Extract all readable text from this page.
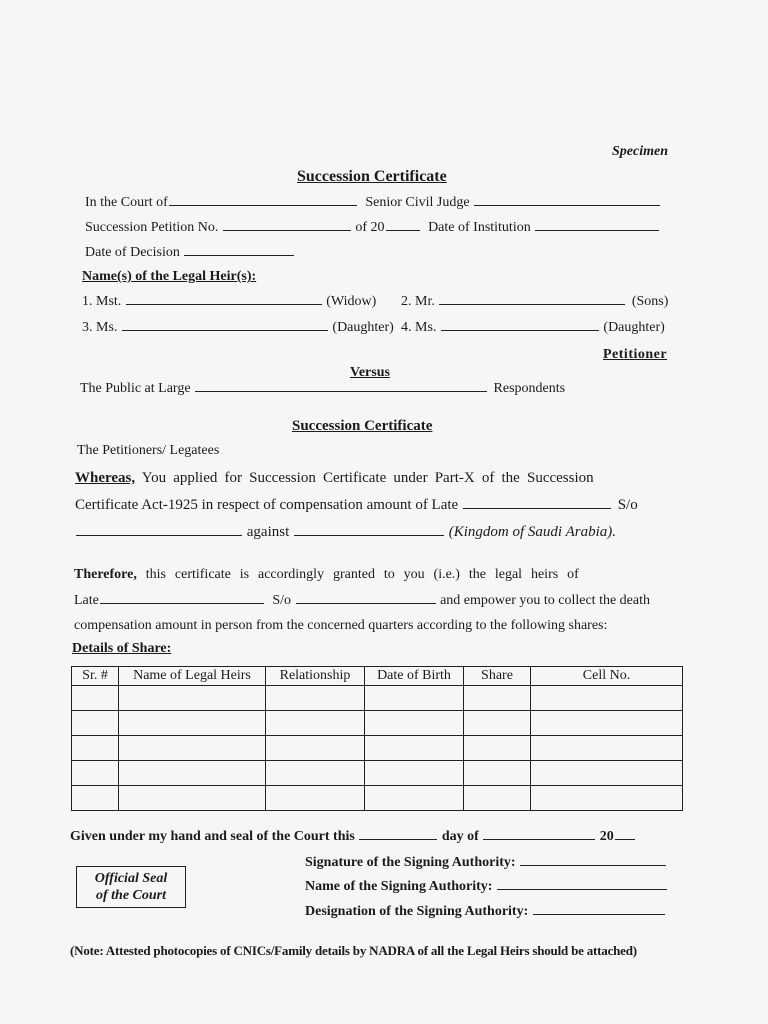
Specimen
Succession Certificate
In the Court of	Senior Civil Judge
Succession Petition No.	of 20	Date of Institution
Date of Decision
Name(s) of the Legal Heir(s):
1. Mst.	(Widow) 2. Mr.	(Sons)
3. Ms.	(Daughter) 4. Ms.	(Daughter)
Petitioner
Versus
The Public at Large	Respondents
Succession Certificate
The Petitioners/ Legatees
Whereas, You applied for Succession Certificate under Part-X of the Succession
Certificate Act-1925 in respect of compensation amount of Late	S/o
against	(Kingdom of Saudi Arabia).
Therefore, this certificate is accordingly granted to you (i.e.) the legal heirs of
Late	S/o	and empower you to collect the death
compensation amount in person from the concerned quarters according to the following shares:
Details of Share:
Sr. #	Name of Legal Heirs	Relationship	Date of Birth	Share	Cell No.

Given under my hand and seal of the Court this	day of	20
Signature of the Signing Authority:
Name of the Signing Authority:
Designation of the Signing Authority:
Official Seal
of the Court
(Note: Attested photocopies of CNICs/Family details by NADRA of all the Legal Heirs should be attached)
